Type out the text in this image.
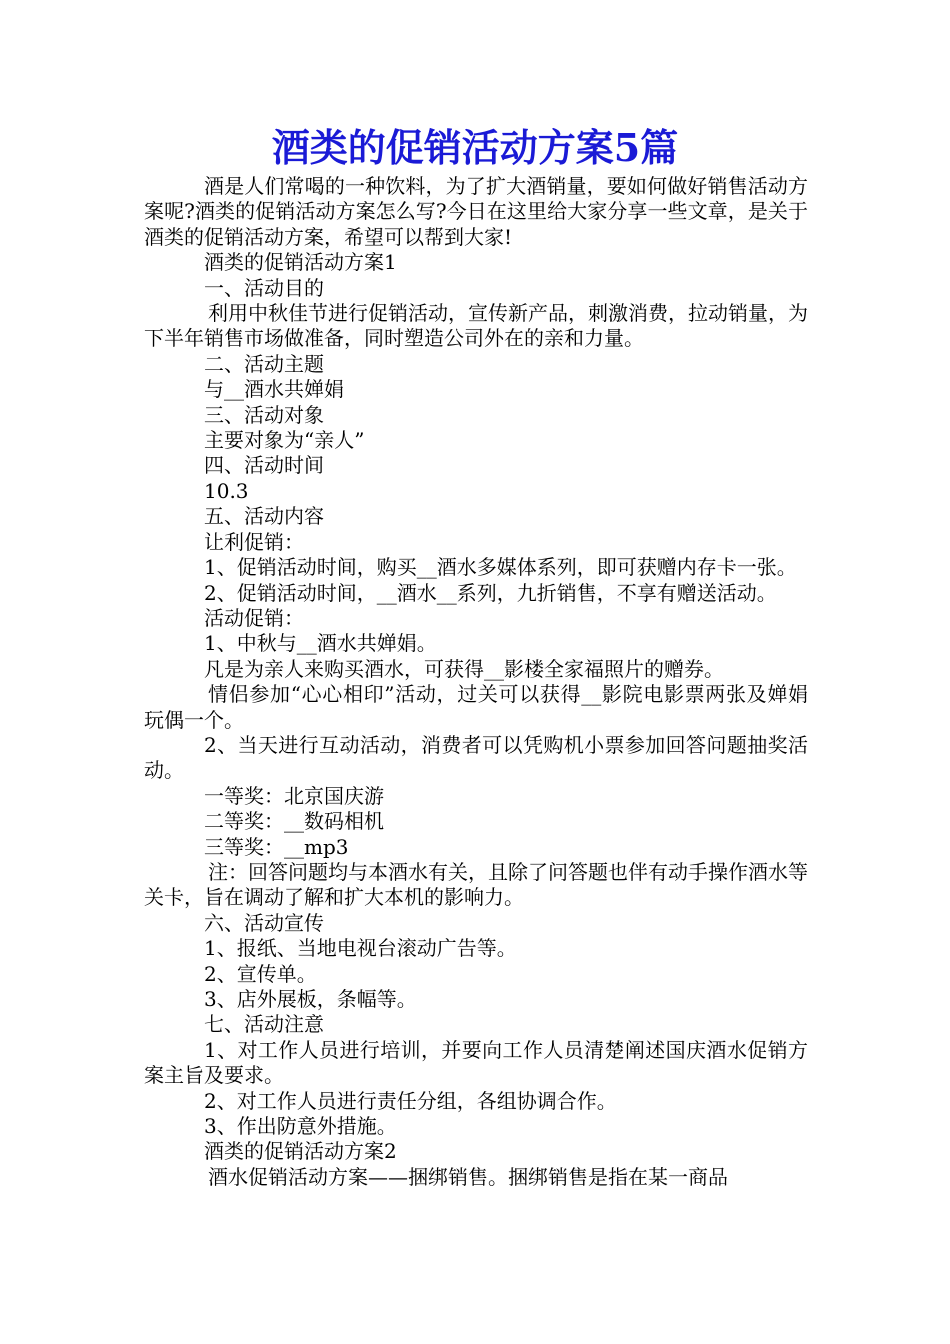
酒类的促销活动方案5篇

酒是人们常喝的一种饮料，为了扩大酒销量，要如何做好销售活动方案呢?酒类的促销活动方案怎么写?今日在这里给大家分享一些文章，是关于酒类的促销活动方案，希望可以帮到大家!

酒类的促销活动方案1

一、活动目的

利用中秋佳节进行促销活动，宣传新产品，刺激消费，拉动销量，为下半年销售市场做准备，同时塑造公司外在的亲和力量。

二、活动主题

与__酒水共婵娟

三、活动对象

主要对象为“亲人”

四、活动时间

10.3

五、活动内容

让利促销：

1、促销活动时间，购买__酒水多媒体系列，即可获赠内存卡一张。

2、促销活动时间，__酒水__系列，九折销售，不享有赠送活动。

活动促销：

1、中秋与__酒水共婵娟。

凡是为亲人来购买酒水，可获得__影楼全家福照片的赠券。

情侣参加“心心相印”活动，过关可以获得__影院电影票两张及婵娟玩偶一个。

2、当天进行互动活动，消费者可以凭购机小票参加回答问题抽奖活动。

一等奖：北京国庆游

二等奖：__数码相机

三等奖：__mp3

注：回答问题均与本酒水有关，且除了问答题也伴有动手操作酒水等关卡，旨在调动了解和扩大本机的影响力。

六、活动宣传

1、报纸、当地电视台滚动广告等。

2、宣传单。

3、店外展板，条幅等。

七、活动注意

1、对工作人员进行培训，并要向工作人员清楚阐述国庆酒水促销方案主旨及要求。

2、对工作人员进行责任分组，各组协调合作。

3、作出防意外措施。

酒类的促销活动方案2

酒水促销活动方案——捆绑销售。捆绑销售是指在某一商品
